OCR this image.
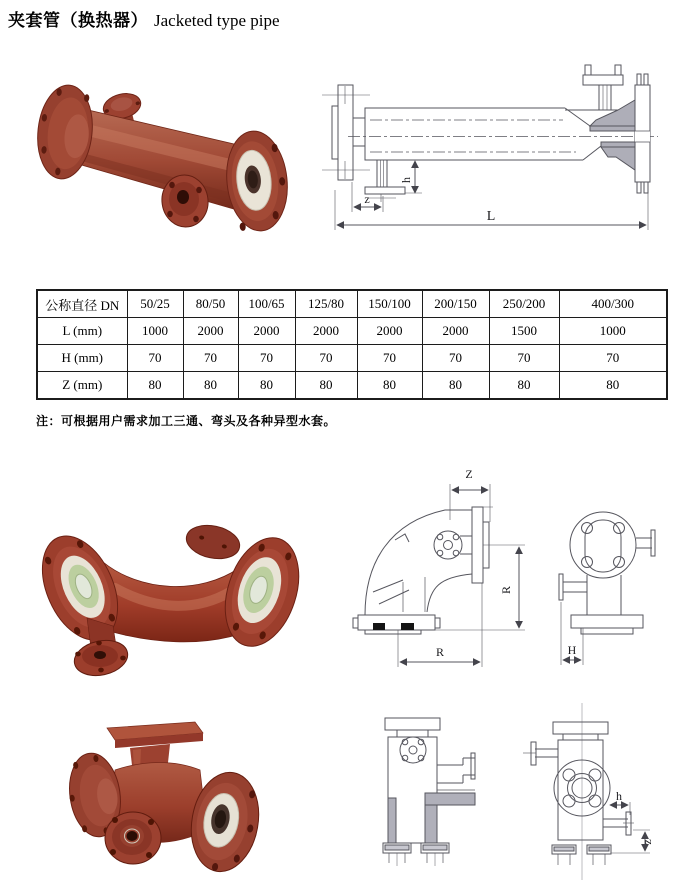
夹套管（换热器） Jacketed type pipe
h
z
L
公称直径 DN	50/25	80/50	100/65	125/80	150/100	200/150	250/200	400/300
L (mm)	1000	2000	2000	2000	2000	2000	1500	1000
H (mm)	70	70	70	70	70	70	70	70
Z (mm)	80	80	80	80	80	80	80	80
注：可根据用户需求加工三通、弯头及各种异型水套。
Z
R
R	H
h
z
